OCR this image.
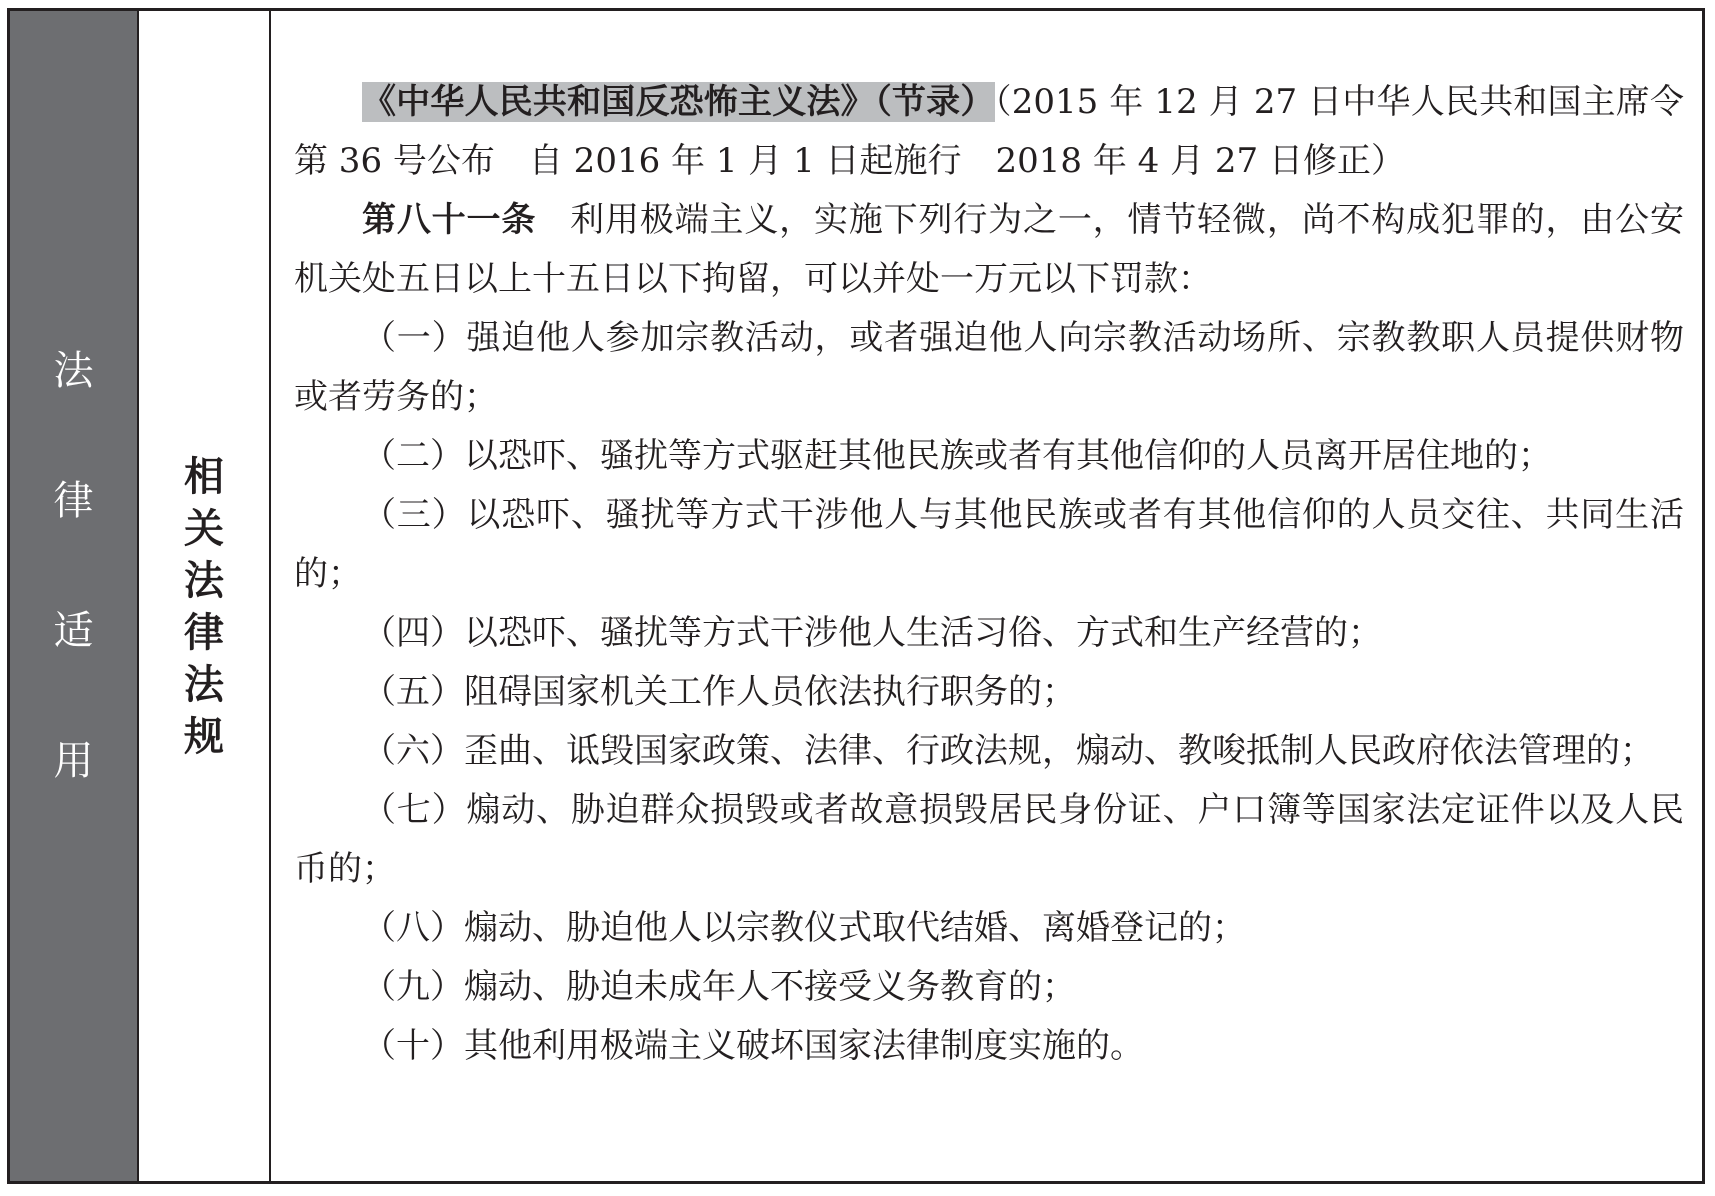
法
律
适
用
相
关
法
律
法
规

《中华人民共和国反恐怖主义法》（节录）（2015 年 12 月 27 日中华人民共和国主席令第 36 号公布　自 2016 年 1 月 1 日起施行　2018 年 4 月 27 日修正）

第八十一条 利用极端主义，实施下列行为之一，情节轻微，尚不构成犯罪的，由公安机关处五日以上十五日以下拘留，可以并处一万元以下罚款：

（一）强迫他人参加宗教活动，或者强迫他人向宗教活动场所、宗教教职人员提供财物或者劳务的；

（二）以恐吓、骚扰等方式驱赶其他民族或者有其他信仰的人员离开居住地的；

（三）以恐吓、骚扰等方式干涉他人与其他民族或者有其他信仰的人员交往、共同生活的；

（四）以恐吓、骚扰等方式干涉他人生活习俗、方式和生产经营的；

（五）阻碍国家机关工作人员依法执行职务的；

（六）歪曲、诋毁国家政策、法律、行政法规，煽动、教唆抵制人民政府依法管理的；

（七）煽动、胁迫群众损毁或者故意损毁居民身份证、户口簿等国家法定证件以及人民币的；

（八）煽动、胁迫他人以宗教仪式取代结婚、离婚登记的；

（九）煽动、胁迫未成年人不接受义务教育的；

（十）其他利用极端主义破坏国家法律制度实施的。
